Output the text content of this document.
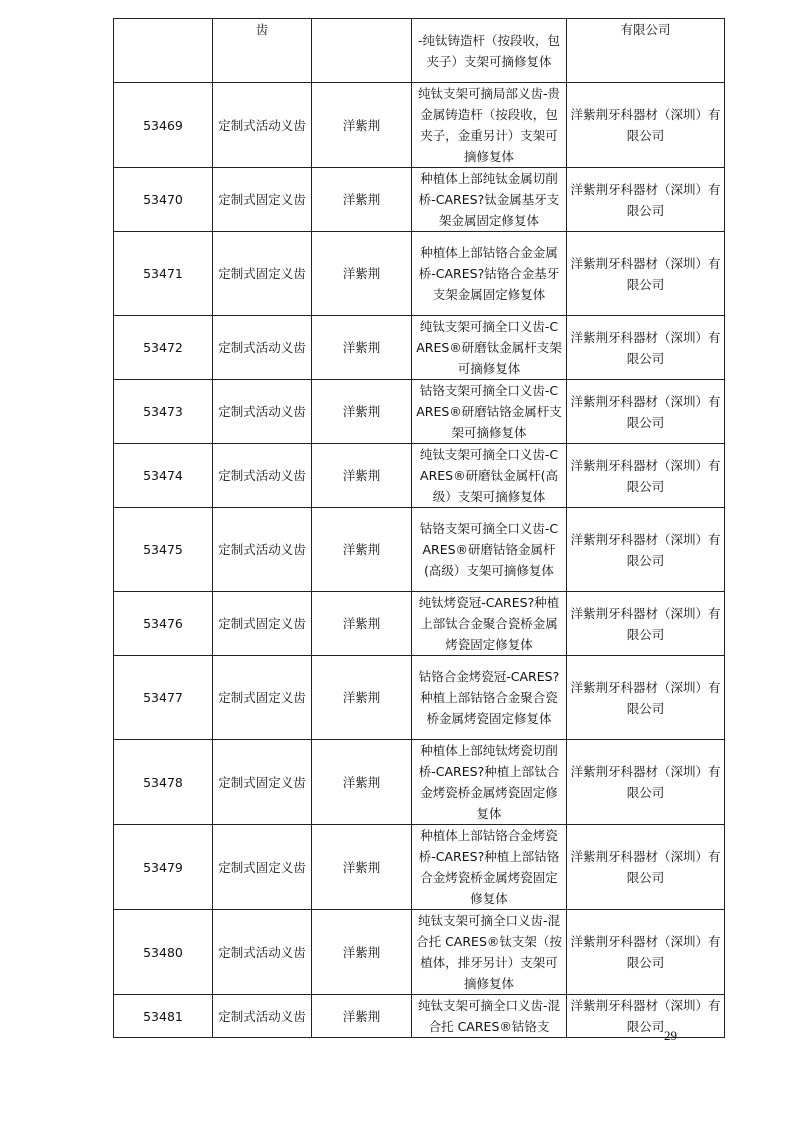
	齿		-纯钛铸造杆（按段收，包夹子）支架可摘修复体	有限公司

53469	定制式活动义齿	洋紫荆	纯钛支架可摘局部义齿-贵金属铸造杆（按段收，包夹子，金重另计）支架可摘修复体	洋紫荆牙科器材（深圳）有限公司

53470	定制式固定义齿	洋紫荆	种植体上部纯钛金属切削桥-CARES?钛金属基牙支架金属固定修复体	洋紫荆牙科器材（深圳）有限公司

53471	定制式固定义齿	洋紫荆	种植体上部钴铬合金金属桥-CARES?钴铬合金基牙支架金属固定修复体	洋紫荆牙科器材（深圳）有限公司

53472	定制式活动义齿	洋紫荆	纯钛支架可摘全口义齿-CARES®研磨钛金属杆支架可摘修复体	洋紫荆牙科器材（深圳）有限公司

53473	定制式活动义齿	洋紫荆	钴铬支架可摘全口义齿-CARES®研磨钴铬金属杆支架可摘修复体	洋紫荆牙科器材（深圳）有限公司

53474	定制式活动义齿	洋紫荆	纯钛支架可摘全口义齿-CARES®研磨钛金属杆(高级）支架可摘修复体	洋紫荆牙科器材（深圳）有限公司

53475	定制式活动义齿	洋紫荆	钴铬支架可摘全口义齿-CARES®研磨钴铬金属杆(高级）支架可摘修复体	洋紫荆牙科器材（深圳）有限公司

53476	定制式固定义齿	洋紫荆	纯钛烤瓷冠-CARES?种植上部钛合金聚合瓷桥金属烤瓷固定修复体	洋紫荆牙科器材（深圳）有限公司

53477	定制式固定义齿	洋紫荆	钴铬合金烤瓷冠-CARES?种植上部钴铬合金聚合瓷桥金属烤瓷固定修复体	洋紫荆牙科器材（深圳）有限公司

53478	定制式固定义齿	洋紫荆	种植体上部纯钛烤瓷切削桥-CARES?种植上部钛合金烤瓷桥金属烤瓷固定修复体	洋紫荆牙科器材（深圳）有限公司

53479	定制式固定义齿	洋紫荆	种植体上部钴铬合金烤瓷桥-CARES?种植上部钴铬合金烤瓷桥金属烤瓷固定修复体	洋紫荆牙科器材（深圳）有限公司

53480	定制式活动义齿	洋紫荆	纯钛支架可摘全口义齿-混合托 CARES®钛支架（按植体，排牙另计）支架可摘修复体	洋紫荆牙科器材（深圳）有限公司

53481	定制式活动义齿	洋紫荆	纯钛支架可摘全口义齿-混合托 CARES®钴铬支	洋紫荆牙科器材（深圳）有限公司
29
